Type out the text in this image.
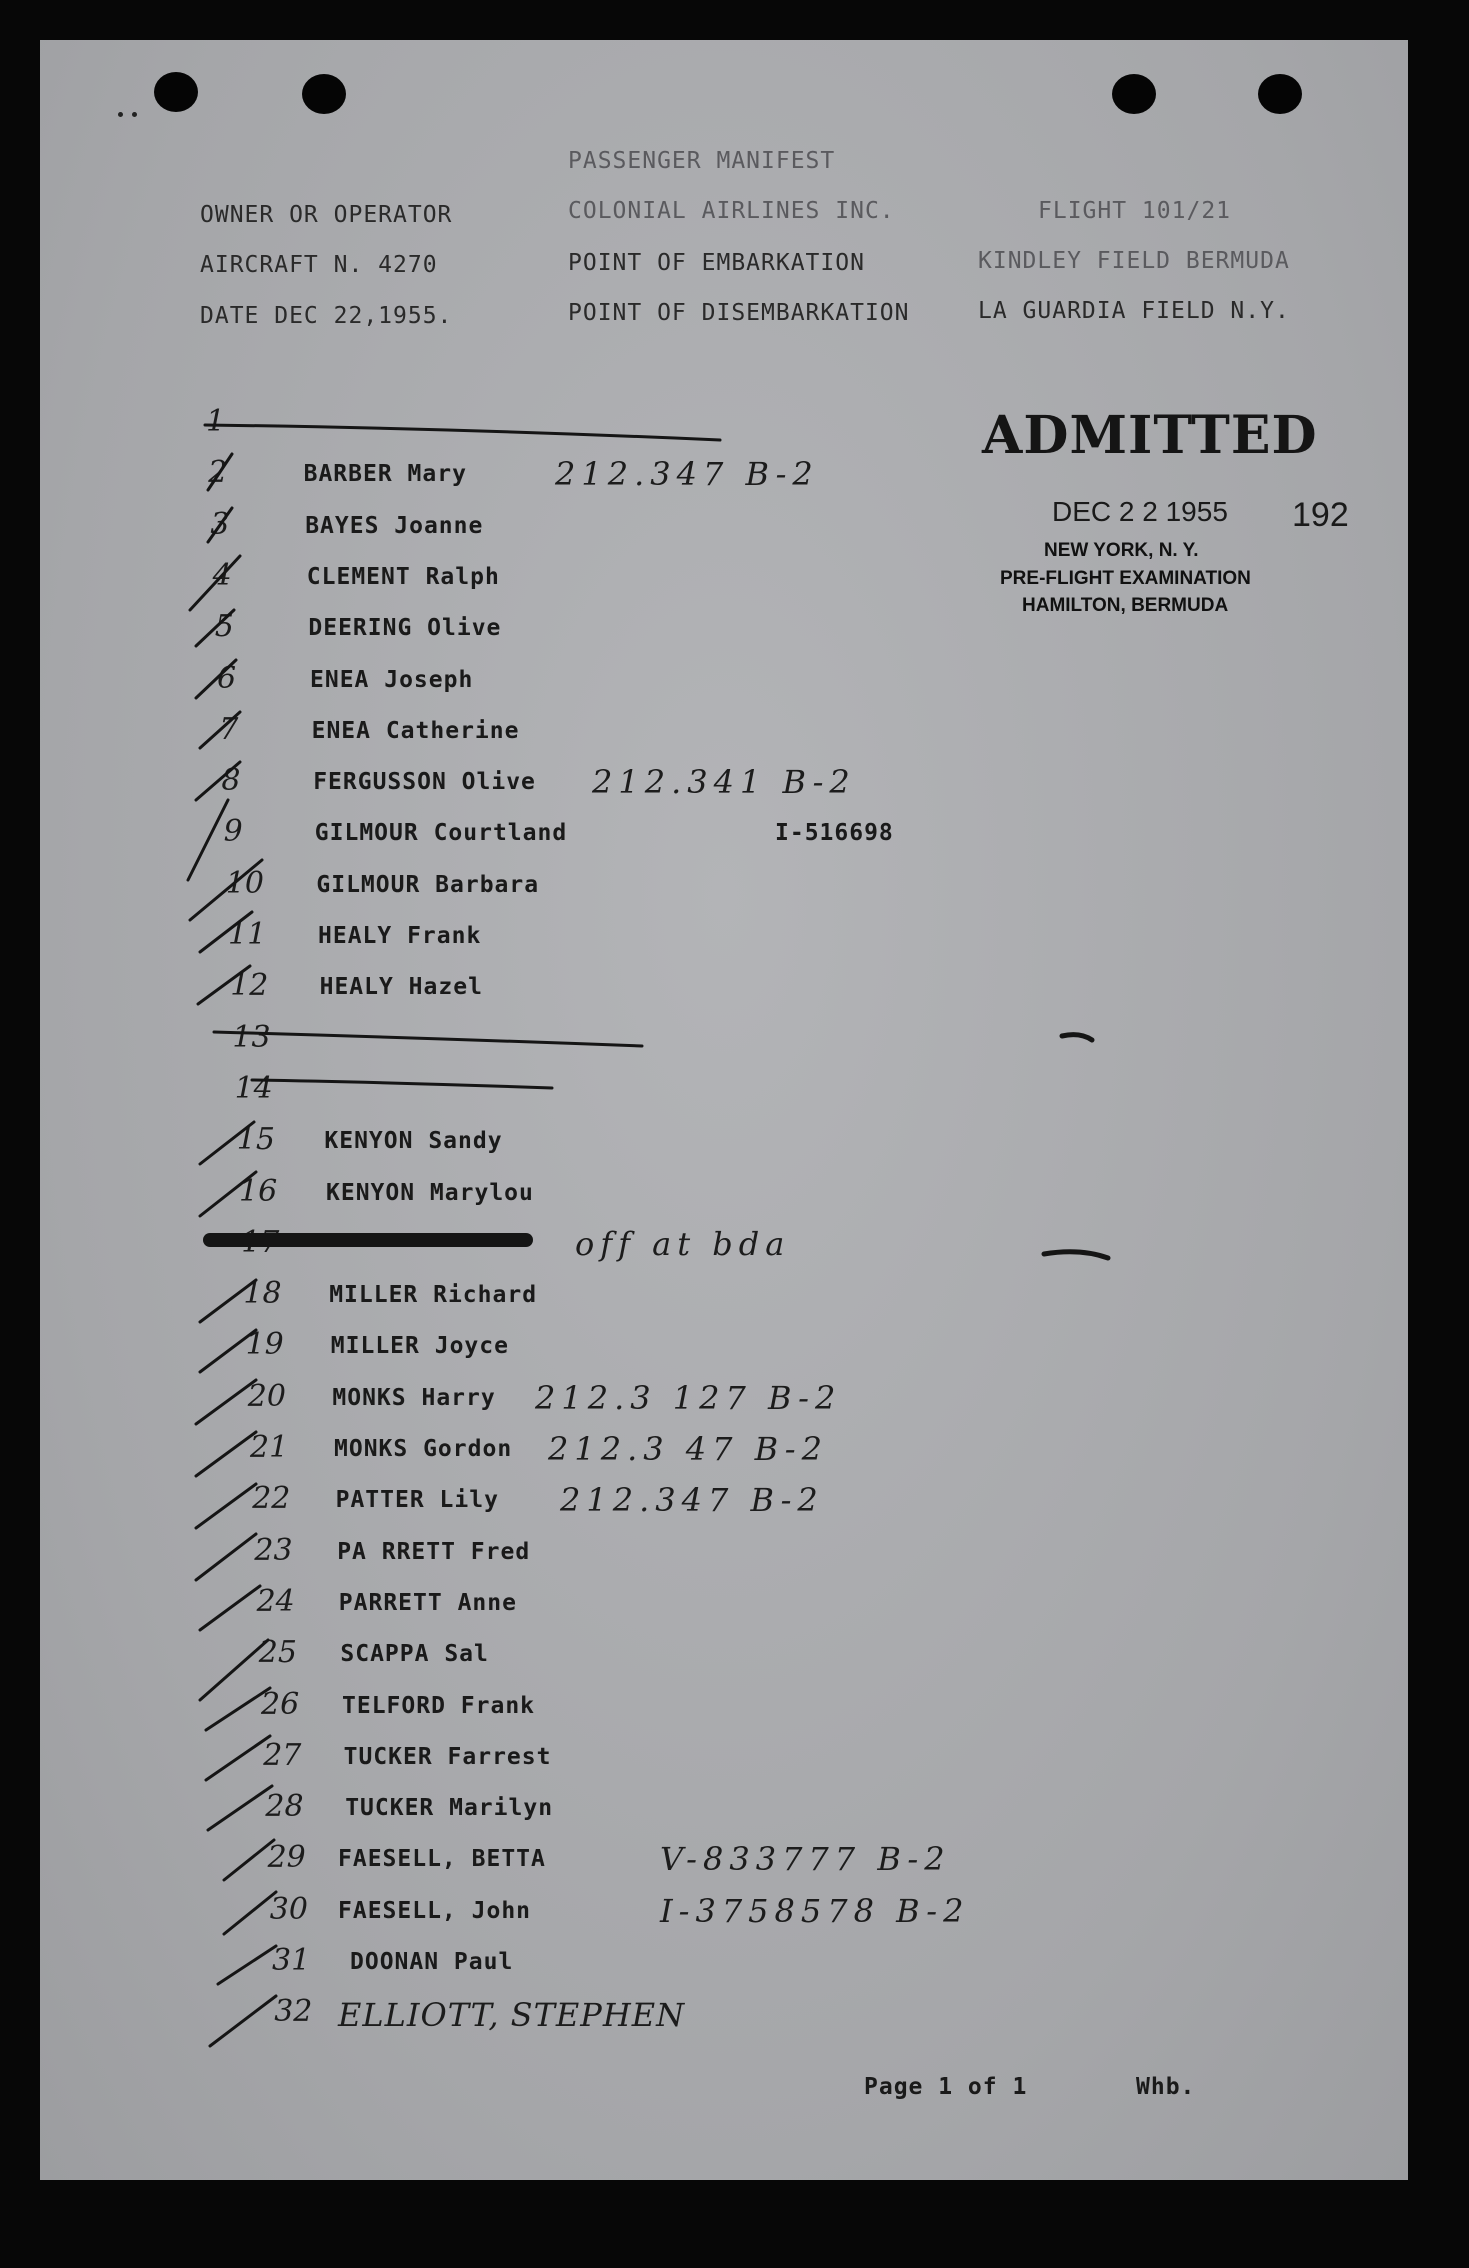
PASSENGER MANIFEST
OWNER OR OPERATOR	COLONIAL AIRLINES INC.	FLIGHT 101/21
AIRCRAFT N. 4270	POINT OF EMBARKATION	KINDLEY FIELD BERMUDA
DATE DEC 22,1955.	POINT OF DISEMBARKATION	LA GUARDIA FIELD N.Y.
ADMITTED
DEC 2 2 1955 192
NEW YORK, N. Y.
PRE-FLIGHT EXAMINATION
HAMILTON, BERMUDA
1
2	BARBER Mary	212.347 B-2
3	BAYES Joanne
4	CLEMENT Ralph
5	DEERING Olive
6	ENEA Joseph
7	ENEA Catherine
8	FERGUSSON Olive 212.341 B-2
9	GILMOUR Courtland	I-516698
10 GILMOUR Barbara
11 HEALY Frank
12 HEALY Hazel
13
14
15 KENYON Sandy
16 KENYON Marylou
17	off at bda
18 MILLER Richard
19 MILLER Joyce
20 MONKS Harry 212.3 127 B-2
21 MONKS Gordon 212.3 47 B-2
22 PATTER Lily 212.347 B-2
23 PA RRETT Fred
24 PARRETT Anne
25 SCAPPA Sal
26 TELFORD Frank
27 TUCKER Farrest
28 TUCKER Marilyn
29 FAESELL, BETTA	V-833777 B-2
30 FAESELL, John	I-3758578 B-2
31 DOONAN Paul
32 ELLIOTT, STEPHEN
Page 1 of 1	Whb.
